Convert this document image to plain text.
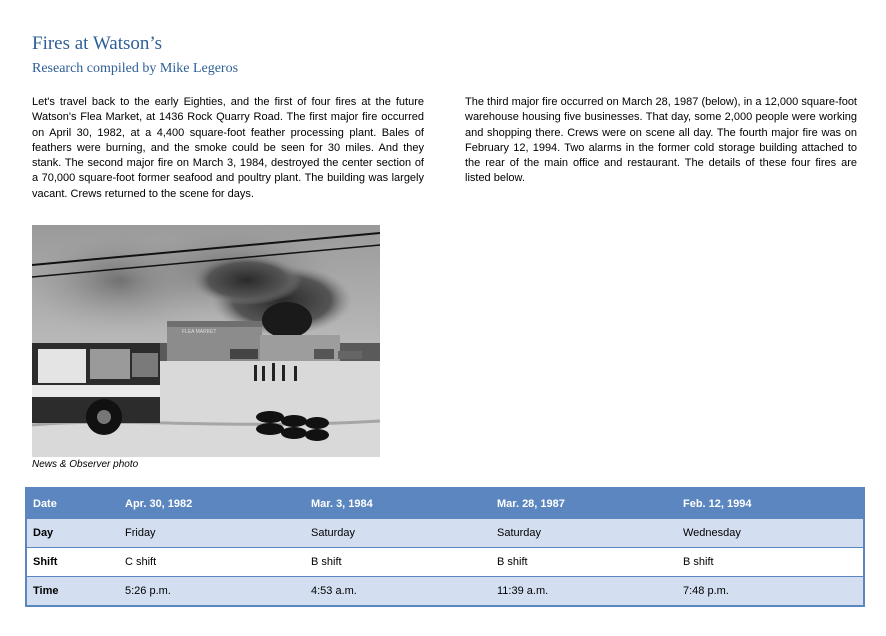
Fires at Watson’s
Research compiled by Mike Legeros

Let's travel back to the early Eighties, and the first of four fires at the future Watson's Flea Market, at 1436 Rock Quarry Road. The first major fire occurred on April 30, 1982, at a 4,400 square-foot feather processing plant. Bales of feathers were burning, and the smoke could be seen for 30 miles. And they stank. The second major fire on March 3, 1984, destroyed the center section of a 70,000 square-foot former seafood and poultry plant. The building was largely vacant. Crews returned to the scene for days.

The third major fire occurred on March 28, 1987 (below), in a 12,000 square-foot warehouse housing five businesses. That day, some 2,000 people were working and shopping there. Crews were on scene all day. The fourth major fire was on February 12, 1994. Two alarms in the former cold storage building attached to the rear of the main office and restaurant. The details of these four fires are listed below.

FLEA MARKET

News & Observer photo

Date	Apr. 30, 1982	Mar. 3, 1984	Mar. 28, 1987	Feb. 12, 1994
Day	Friday	Saturday	Saturday	Wednesday
Shift	C shift	B shift	B shift	B shift
Time	5:26 p.m.	4:53 a.m.	11:39 a.m.	7:48 p.m.
